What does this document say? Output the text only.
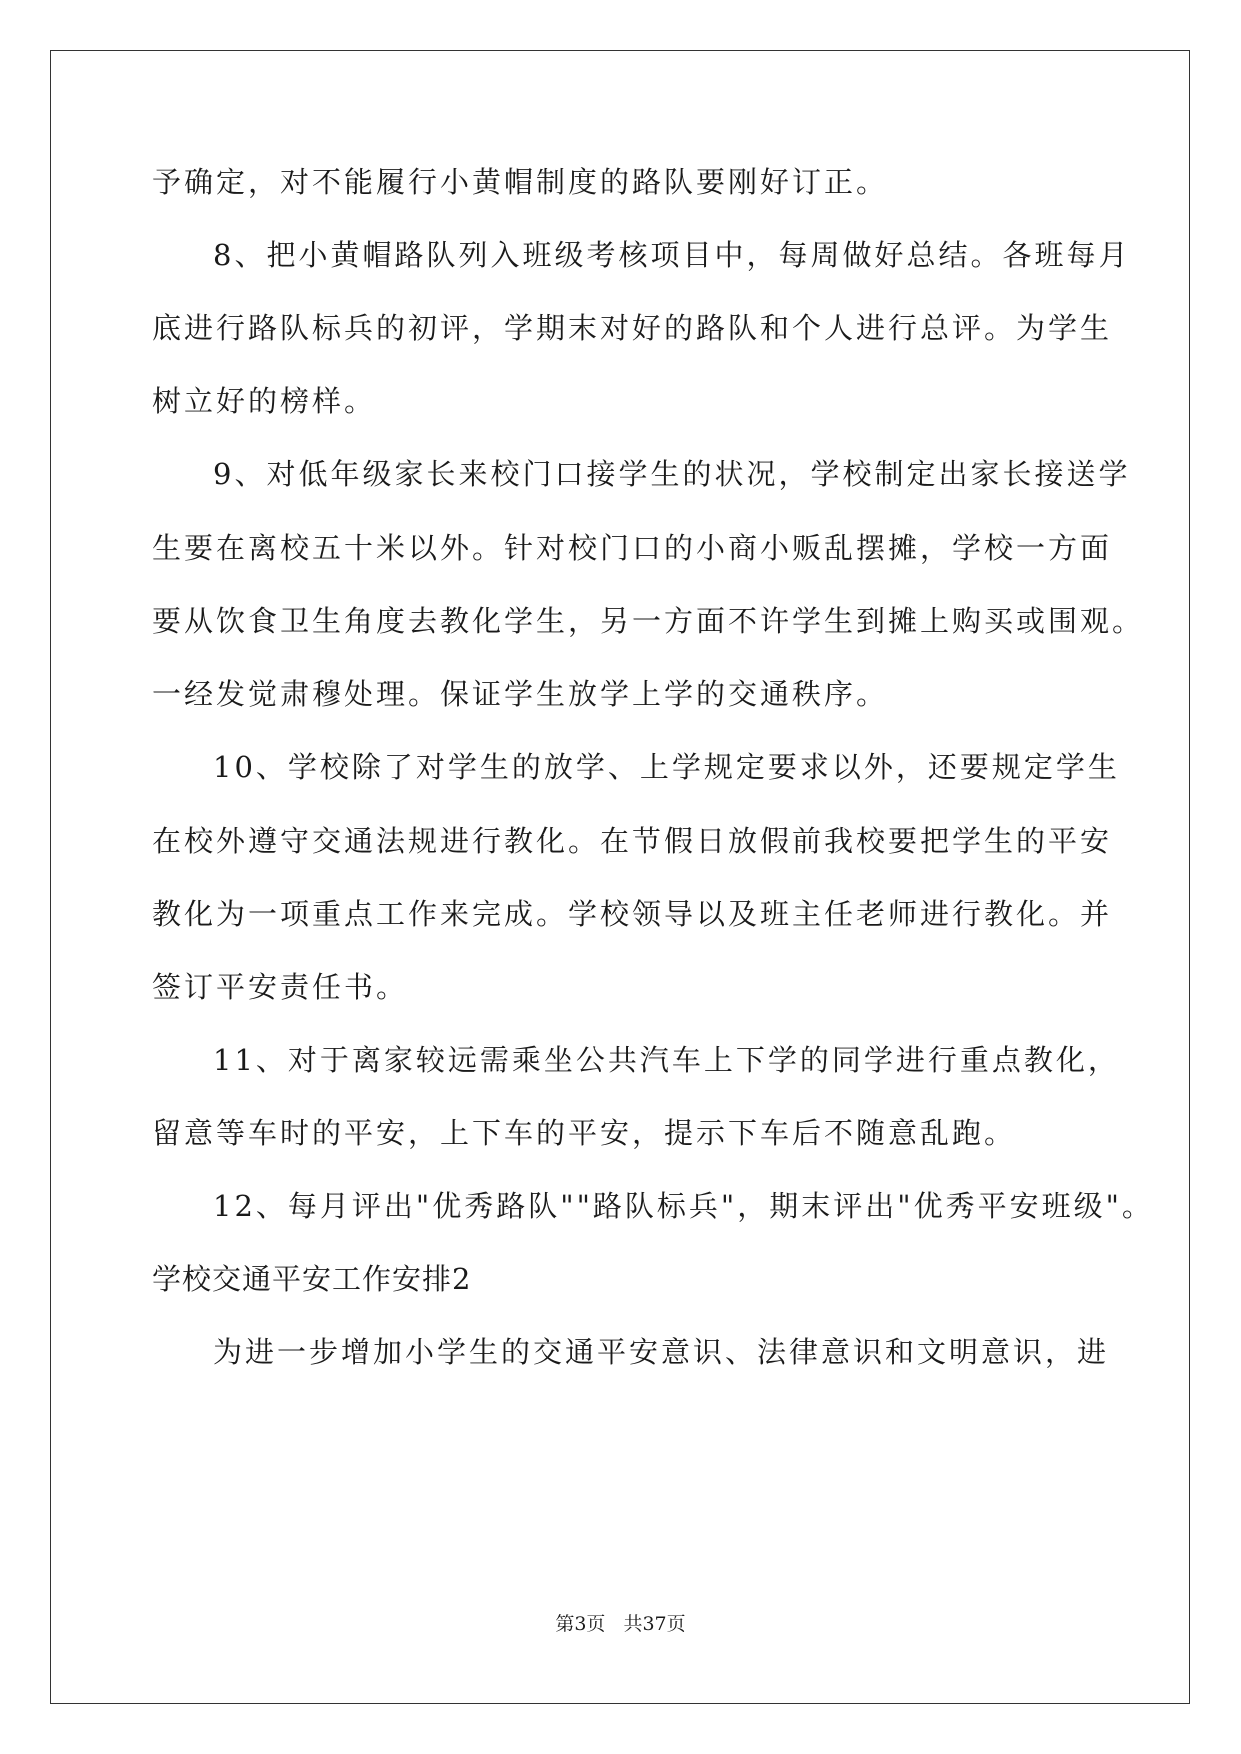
予确定，对不能履行小黄帽制度的路队要刚好订正。
8、把小黄帽路队列入班级考核项目中，每周做好总结。各班每月
底进行路队标兵的初评，学期末对好的路队和个人进行总评。为学生
树立好的榜样。
9、对低年级家长来校门口接学生的状况，学校制定出家长接送学
生要在离校五十米以外。针对校门口的小商小贩乱摆摊，学校一方面
要从饮食卫生角度去教化学生，另一方面不许学生到摊上购买或围观。
一经发觉肃穆处理。保证学生放学上学的交通秩序。
10、学校除了对学生的放学、上学规定要求以外，还要规定学生
在校外遵守交通法规进行教化。在节假日放假前我校要把学生的平安
教化为一项重点工作来完成。学校领导以及班主任老师进行教化。并
签订平安责任书。
11、对于离家较远需乘坐公共汽车上下学的同学进行重点教化，
留意等车时的平安，上下车的平安，提示下车后不随意乱跑。
12、每月评出"优秀路队""路队标兵"，期末评出"优秀平安班级"。
学校交通平安工作安排2
为进一步增加小学生的交通平安意识、法律意识和文明意识，进
第3页 共37页
